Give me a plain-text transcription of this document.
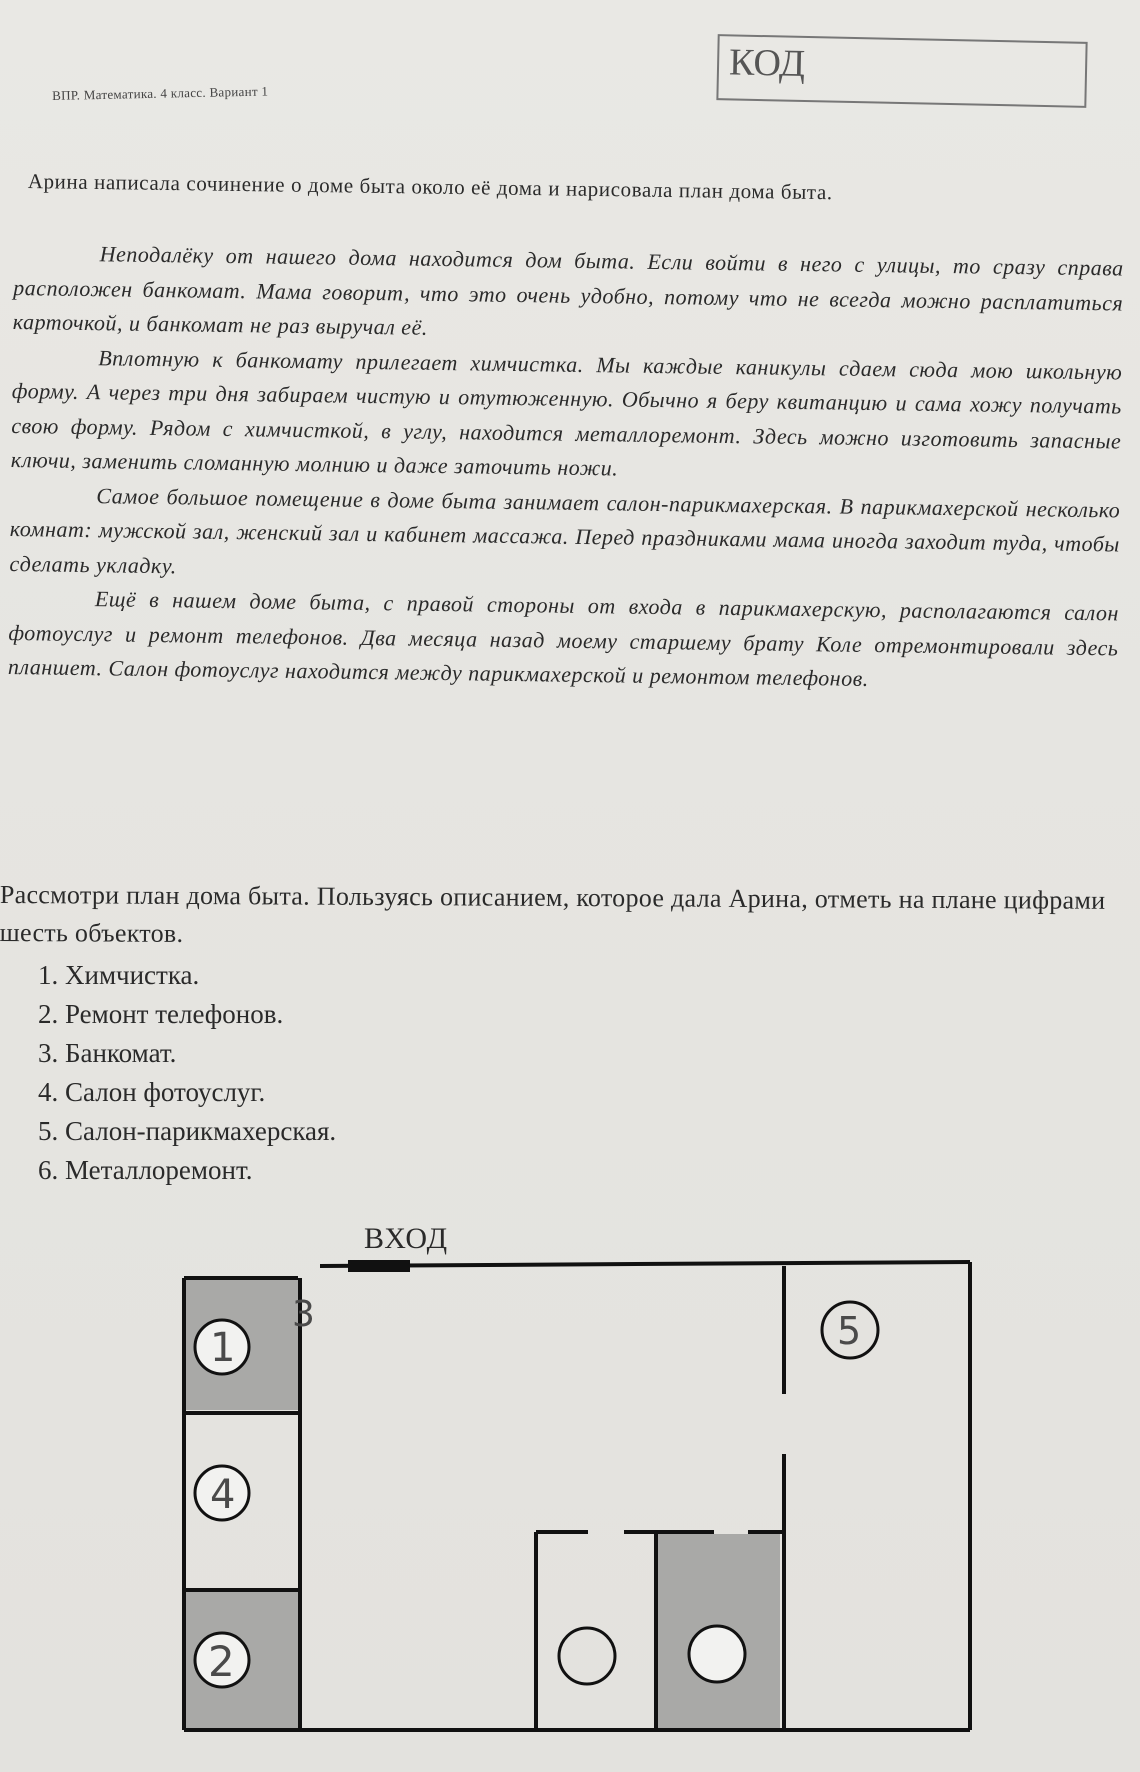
ВПР. Математика. 4 класс. Вариант 1
КОД

Арина написала сочинение о доме быта около её дома и нарисовала план дома быта.

Неподалёку от нашего дома находится дом быта. Если войти в него с улицы, то сразу справа расположен банкомат. Мама говорит, что это очень удобно, потому что не всегда можно расплатиться карточкой, и банкомат не раз выручал её.

Вплотную к банкомату прилегает химчистка. Мы каждые каникулы сдаем сюда мою школьную форму. А через три дня забираем чистую и отутюженную. Обычно я беру квитанцию и сама хожу получать свою форму. Рядом с химчисткой, в углу, находится металлоремонт. Здесь можно изготовить запасные ключи, заменить сломанную молнию и даже заточить ножи.

Самое большое помещение в доме быта занимает салон-парикмахерская. В парикмахерской несколько комнат: мужской зал, женский зал и кабинет массажа. Перед праздниками мама иногда заходит туда, чтобы сделать укладку.

Ещё в нашем доме быта, с правой стороны от входа в парикмахерскую, располагаются салон фотоуслуг и ремонт телефонов. Два месяца назад моему старшему брату Коле отремонтировали здесь планшет. Салон фотоуслуг находится между парикмахерской и ремонтом телефонов.

Рассмотри план дома быта. Пользуясь описанием, которое дала Арина, отметь на плане цифрами шесть объектов.

1. Химчистка.
2. Ремонт телефонов.
3. Банкомат.
4. Салон фотоуслуг.
5. Салон-парикмахерская.
6. Металлоремонт.
ВХОД
1
4
2
3	5
